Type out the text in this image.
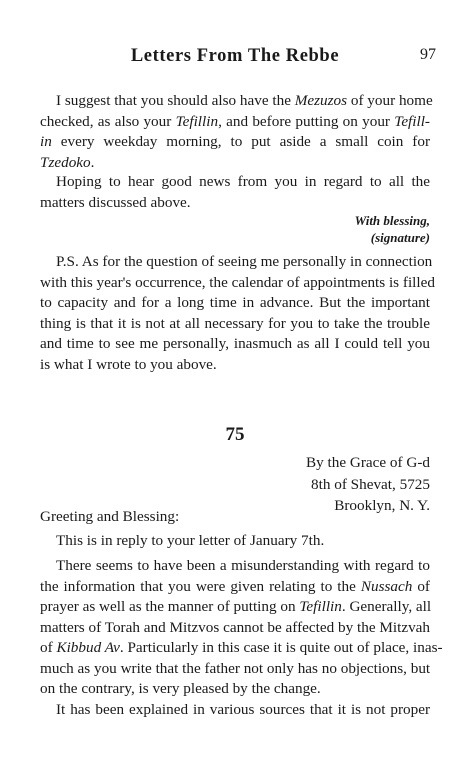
Letters From The Rebbe	97

I suggest that you should also have the Mezuzos of your home
checked, as also your Tefillin, and before putting on your Tefill-
in every weekday morning, to put aside a small coin for
Tzedoko.

Hoping to hear good news from you in regard to all the
matters discussed above.

With blessing,
(signature)

P.S. As for the question of seeing me personally in connection
with this year's occurrence, the calendar of appointments is filled
to capacity and for a long time in advance. But the important
thing is that it is not at all necessary for you to take the trouble
and time to see me personally, inasmuch as all I could tell you
is what I wrote to you above.

75
By the Grace of G-d
8th of Shevat, 5725
Brooklyn, N. Y.

Greeting and Blessing:

This is in reply to your letter of January 7th.

There seems to have been a misunderstanding with regard to
the information that you were given relating to the Nussach of
prayer as well as the manner of putting on Tefillin. Generally, all
matters of Torah and Mitzvos cannot be affected by the Mitzvah
of Kibbud Av. Particularly in this case it is quite out of place, inas-
much as you write that the father not only has no objections, but
on the contrary, is very pleased by the change.

It has been explained in various sources that it is not proper
